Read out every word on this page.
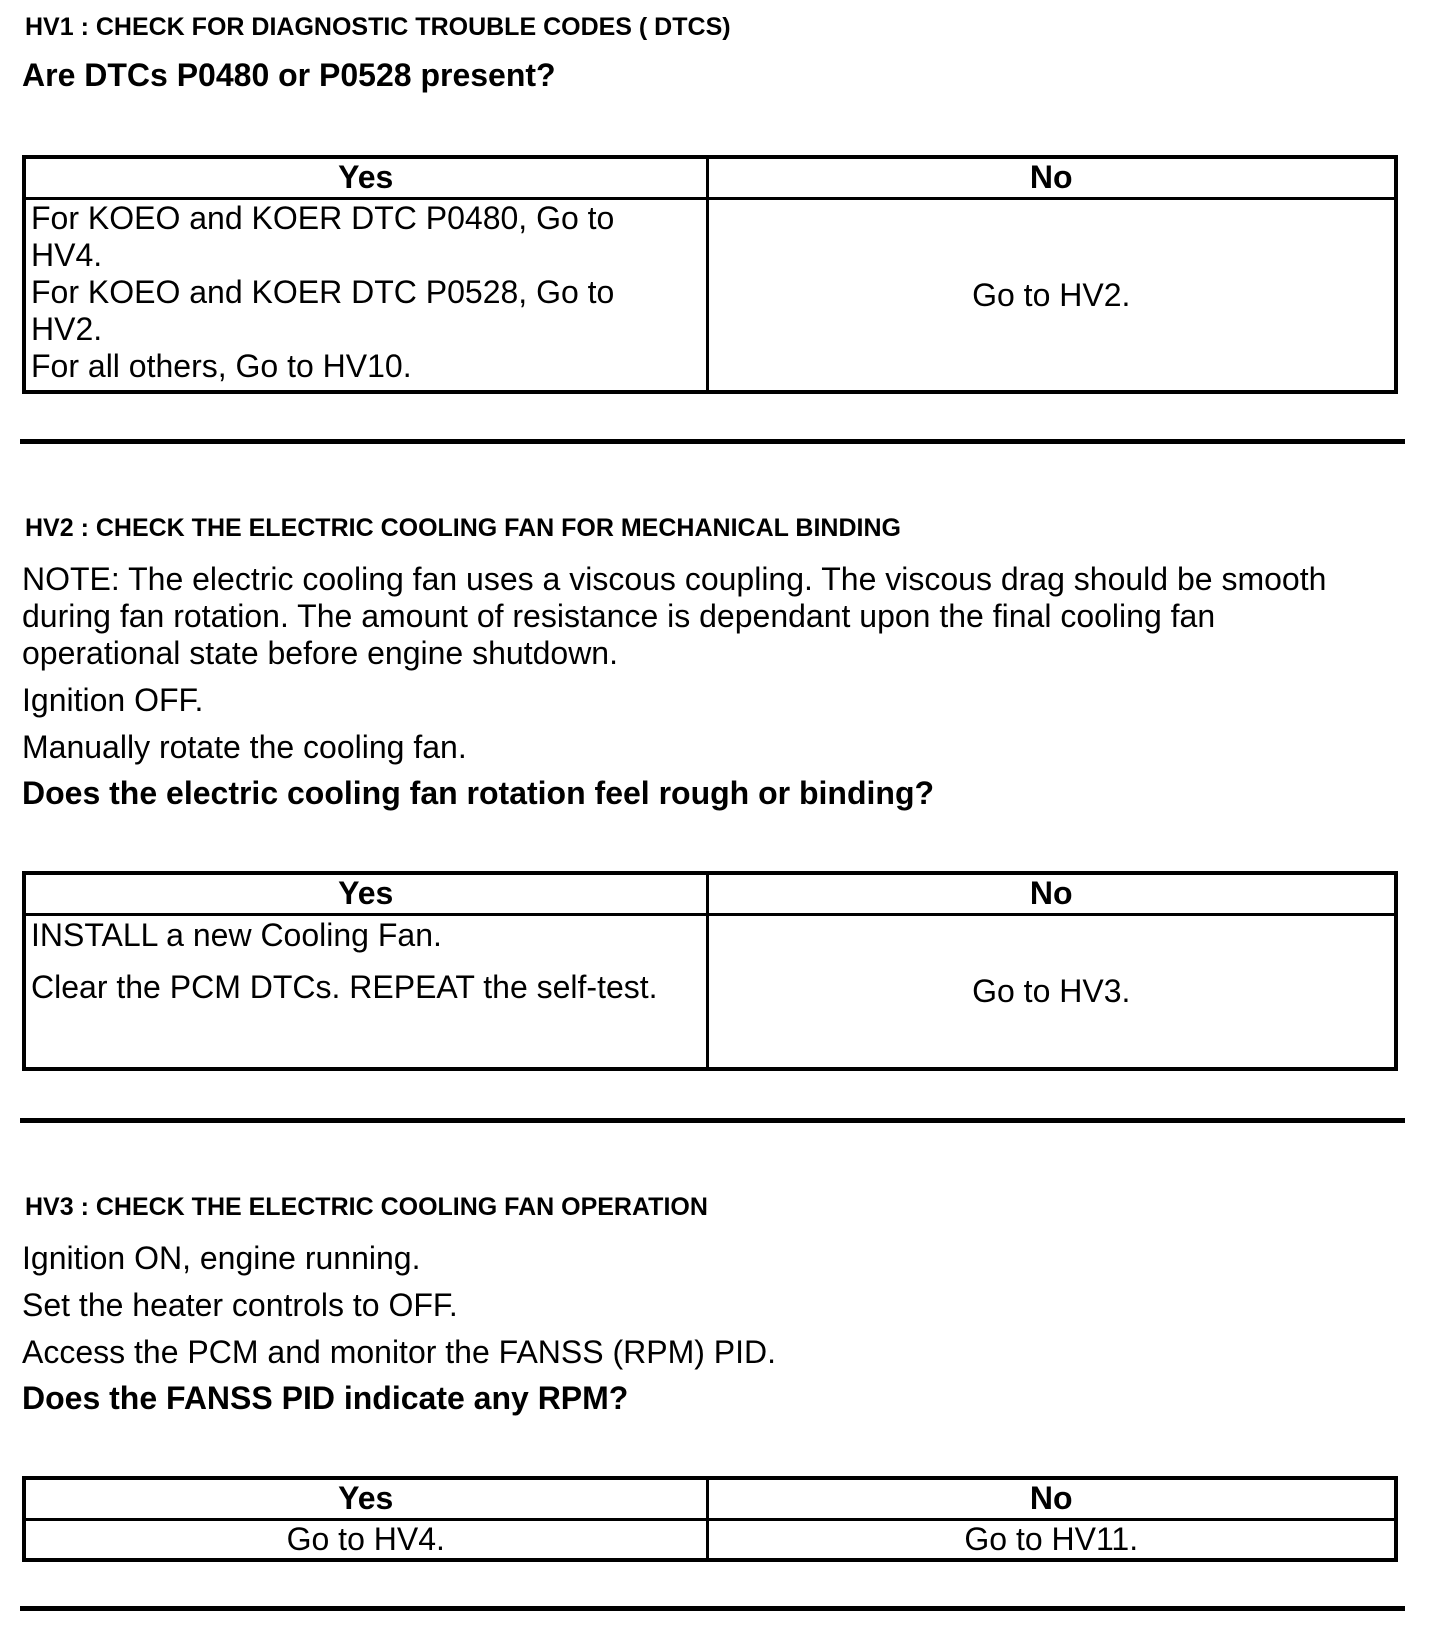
HV1 : CHECK FOR DIAGNOSTIC TROUBLE CODES ( DTCS)
Are DTCs P0480 or P0528 present?
Yes	No

For KOEO and KOER DTC P0480, Go to
HV4.
For KOEO and KOER DTC P0528, Go to
HV2.
For all others, Go to HV10.	Go to HV2.
HV2 : CHECK THE ELECTRIC COOLING FAN FOR MECHANICAL BINDING
NOTE: The electric cooling fan uses a viscous coupling. The viscous drag should be smooth
during fan rotation. The amount of resistance is dependant upon the final cooling fan
operational state before engine shutdown.
Ignition OFF.
Manually rotate the cooling fan.
Does the electric cooling fan rotation feel rough or binding?
Yes	No

INSTALL a new Cooling Fan.
Clear the PCM DTCs. REPEAT the self-test.	Go to HV3.
HV3 : CHECK THE ELECTRIC COOLING FAN OPERATION
Ignition ON, engine running.
Set the heater controls to OFF.
Access the PCM and monitor the FANSS (RPM) PID.
Does the FANSS PID indicate any RPM?
Yes	No
Go to HV4.	Go to HV11.
